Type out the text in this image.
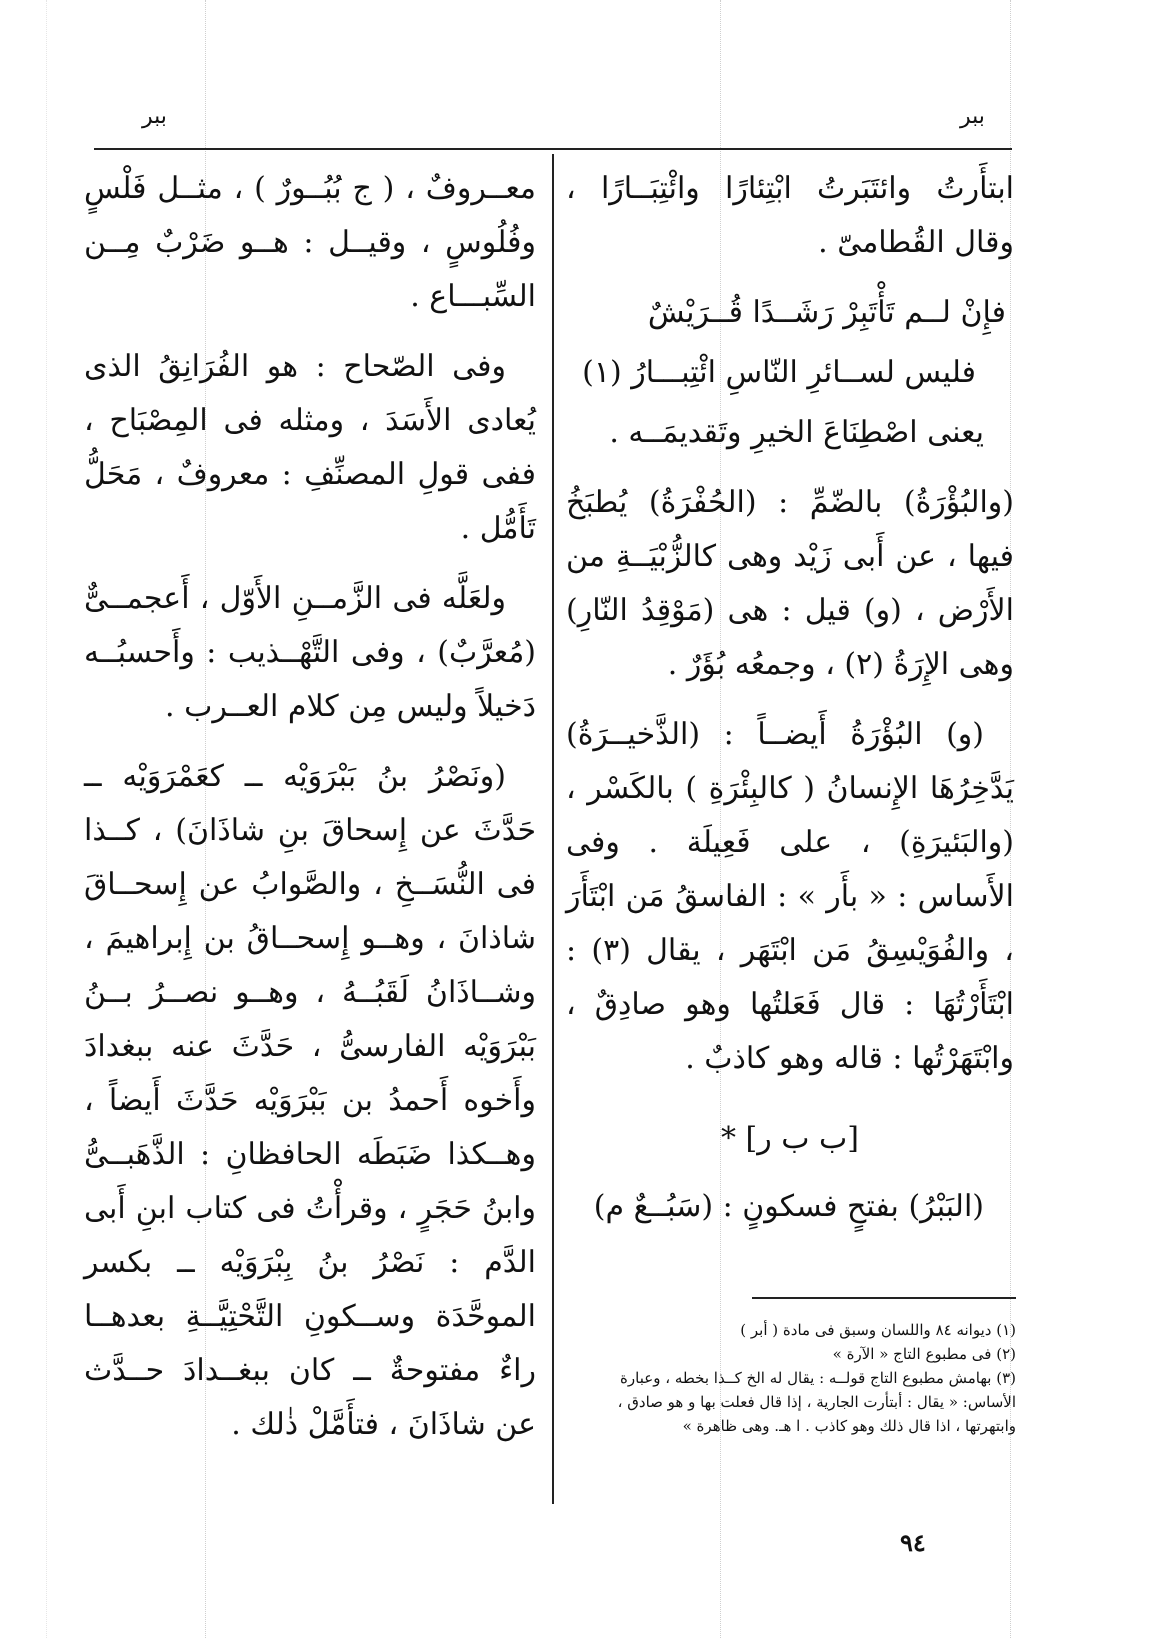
ببر
ببر

ابتأَرتُ وائتَبَرتُ ابْتِئارًا وائْتِبَــارًا ، وقال القُطامىّ .

فإِنْ لــم تَأْتَبِرْ رَشَــدًا قُــرَيْشٌ

فليس لســائرِ النّاسِ ائْتِبـــارُ (١)

يعنى اصْطِنَاعَ الخيرِ وتَقديمَــه .

(والبُؤْرَةُ) بالضّمِّ : (الحُفْرَةُ) يُطبَخُ فيها ، عن أَبى زَيْد وهى كالزُّبْيَــةِ من الأَرْض ، (و) قيل : هى (مَوْقِدُ النّارِ) وهى الإِرَةُ (٢) ، وجمعُه بُؤَرٌ .

(و) البُؤْرَةُ أَيضــاً : (الذَّخيــرَةُ) يَدَّخِرُهَا الإِنسانُ ( كالبِئْرَةِ ) بالكَسْر ، (والبَئيرَةِ) ، على فَعِيلَة . وفى الأَساس : « بأَر » : الفاسقُ مَن ابْتَأَرَ ، والفُوَيْسِقُ مَن ابْتَهَر ، يقال (٣) : ابْتَأَرْتُهَا : قال فَعَلتُها وهو صادِقٌ ، وابْتَهَرْتُها : قاله وهو كاذبٌ .

[ب ب ر] *

(البَبْرُ) بفتحٍ فسكونٍ : (سَبُــعٌ م)

معــروفٌ ، ( ج بُبُــورٌ ) ، مثــل فَلْسٍ وفُلُوسٍ ، وقيــل : هــو ضَرْبٌ مِــن السِّبـــاع .

وفى الصّحاح : هو الفُرَانِقُ الذى يُعادى الأَسَدَ ، ومثله فى المِصْبَاح ، ففى قولِ المصنِّفِ : معروفٌ ، مَحَلُّ تَأَمُّل .

ولعَلَّه فى الزَّمــنِ الأَوّل ، أَعجمــىٌّ (مُعرَّبٌ) ، وفى التَّهْــذيب : وأَحسبُــه دَخيلاً وليس مِن كلام العــرب .

(ونَصْرُ بنُ بَبْرَوَيْه ــ كعَمْرَوَيْه ــ حَدَّثَ عن إِسحاقَ بنِ شاذَانَ) ، كــذا فى النُّسَــخِ ، والصَّوابُ عن إِسحــاقَ شاذانَ ، وهــو إِسحــاقُ بن إِبراهيمَ ، وشــاذَانُ لَقَبُــهُ ، وهــو نصــرُ بــنُ بَبْرَوَيْه الفارسىُّ ، حَدَّثَ عنه ببغدادَ وأَخوه أَحمدُ بن بَبْرَوَيْه حَدَّثَ أَيضاً ، وهــكذا ضَبَطَه الحافظانِ : الذَّهَبــىُّ وابنُ حَجَرٍ ، وقرأْتُ فى كتاب ابنِ أَبى الدَّم : نَصْرُ بنُ بِبْرَوَيْه ــ بكسر الموحَّدَة وســكونِ التَّحْتِيَّــةِ بعدهــا راءٌ مفتوحةٌ ــ كان ببغــدادَ حــدَّث عن شاذَانَ ، فتأَمَّلْ ذٰلك .

(١) ديوانه ٨٤ واللسان وسبق فى مادة ( أبر )

(٢) فى مطبوع التاج « الآرة »

(٣) بهامش مطبوع التاج قولــه : يقال له الخ كــذا بخطه ، وعبارة الأساس: « يقال : أبتأرت الجارية ، إذا قال فعلت بها و هو صادق ، وابتهرتها ، اذا قال ذلك وهو كاذب . ا هـ. وهى ظاهرة »

٩٤
